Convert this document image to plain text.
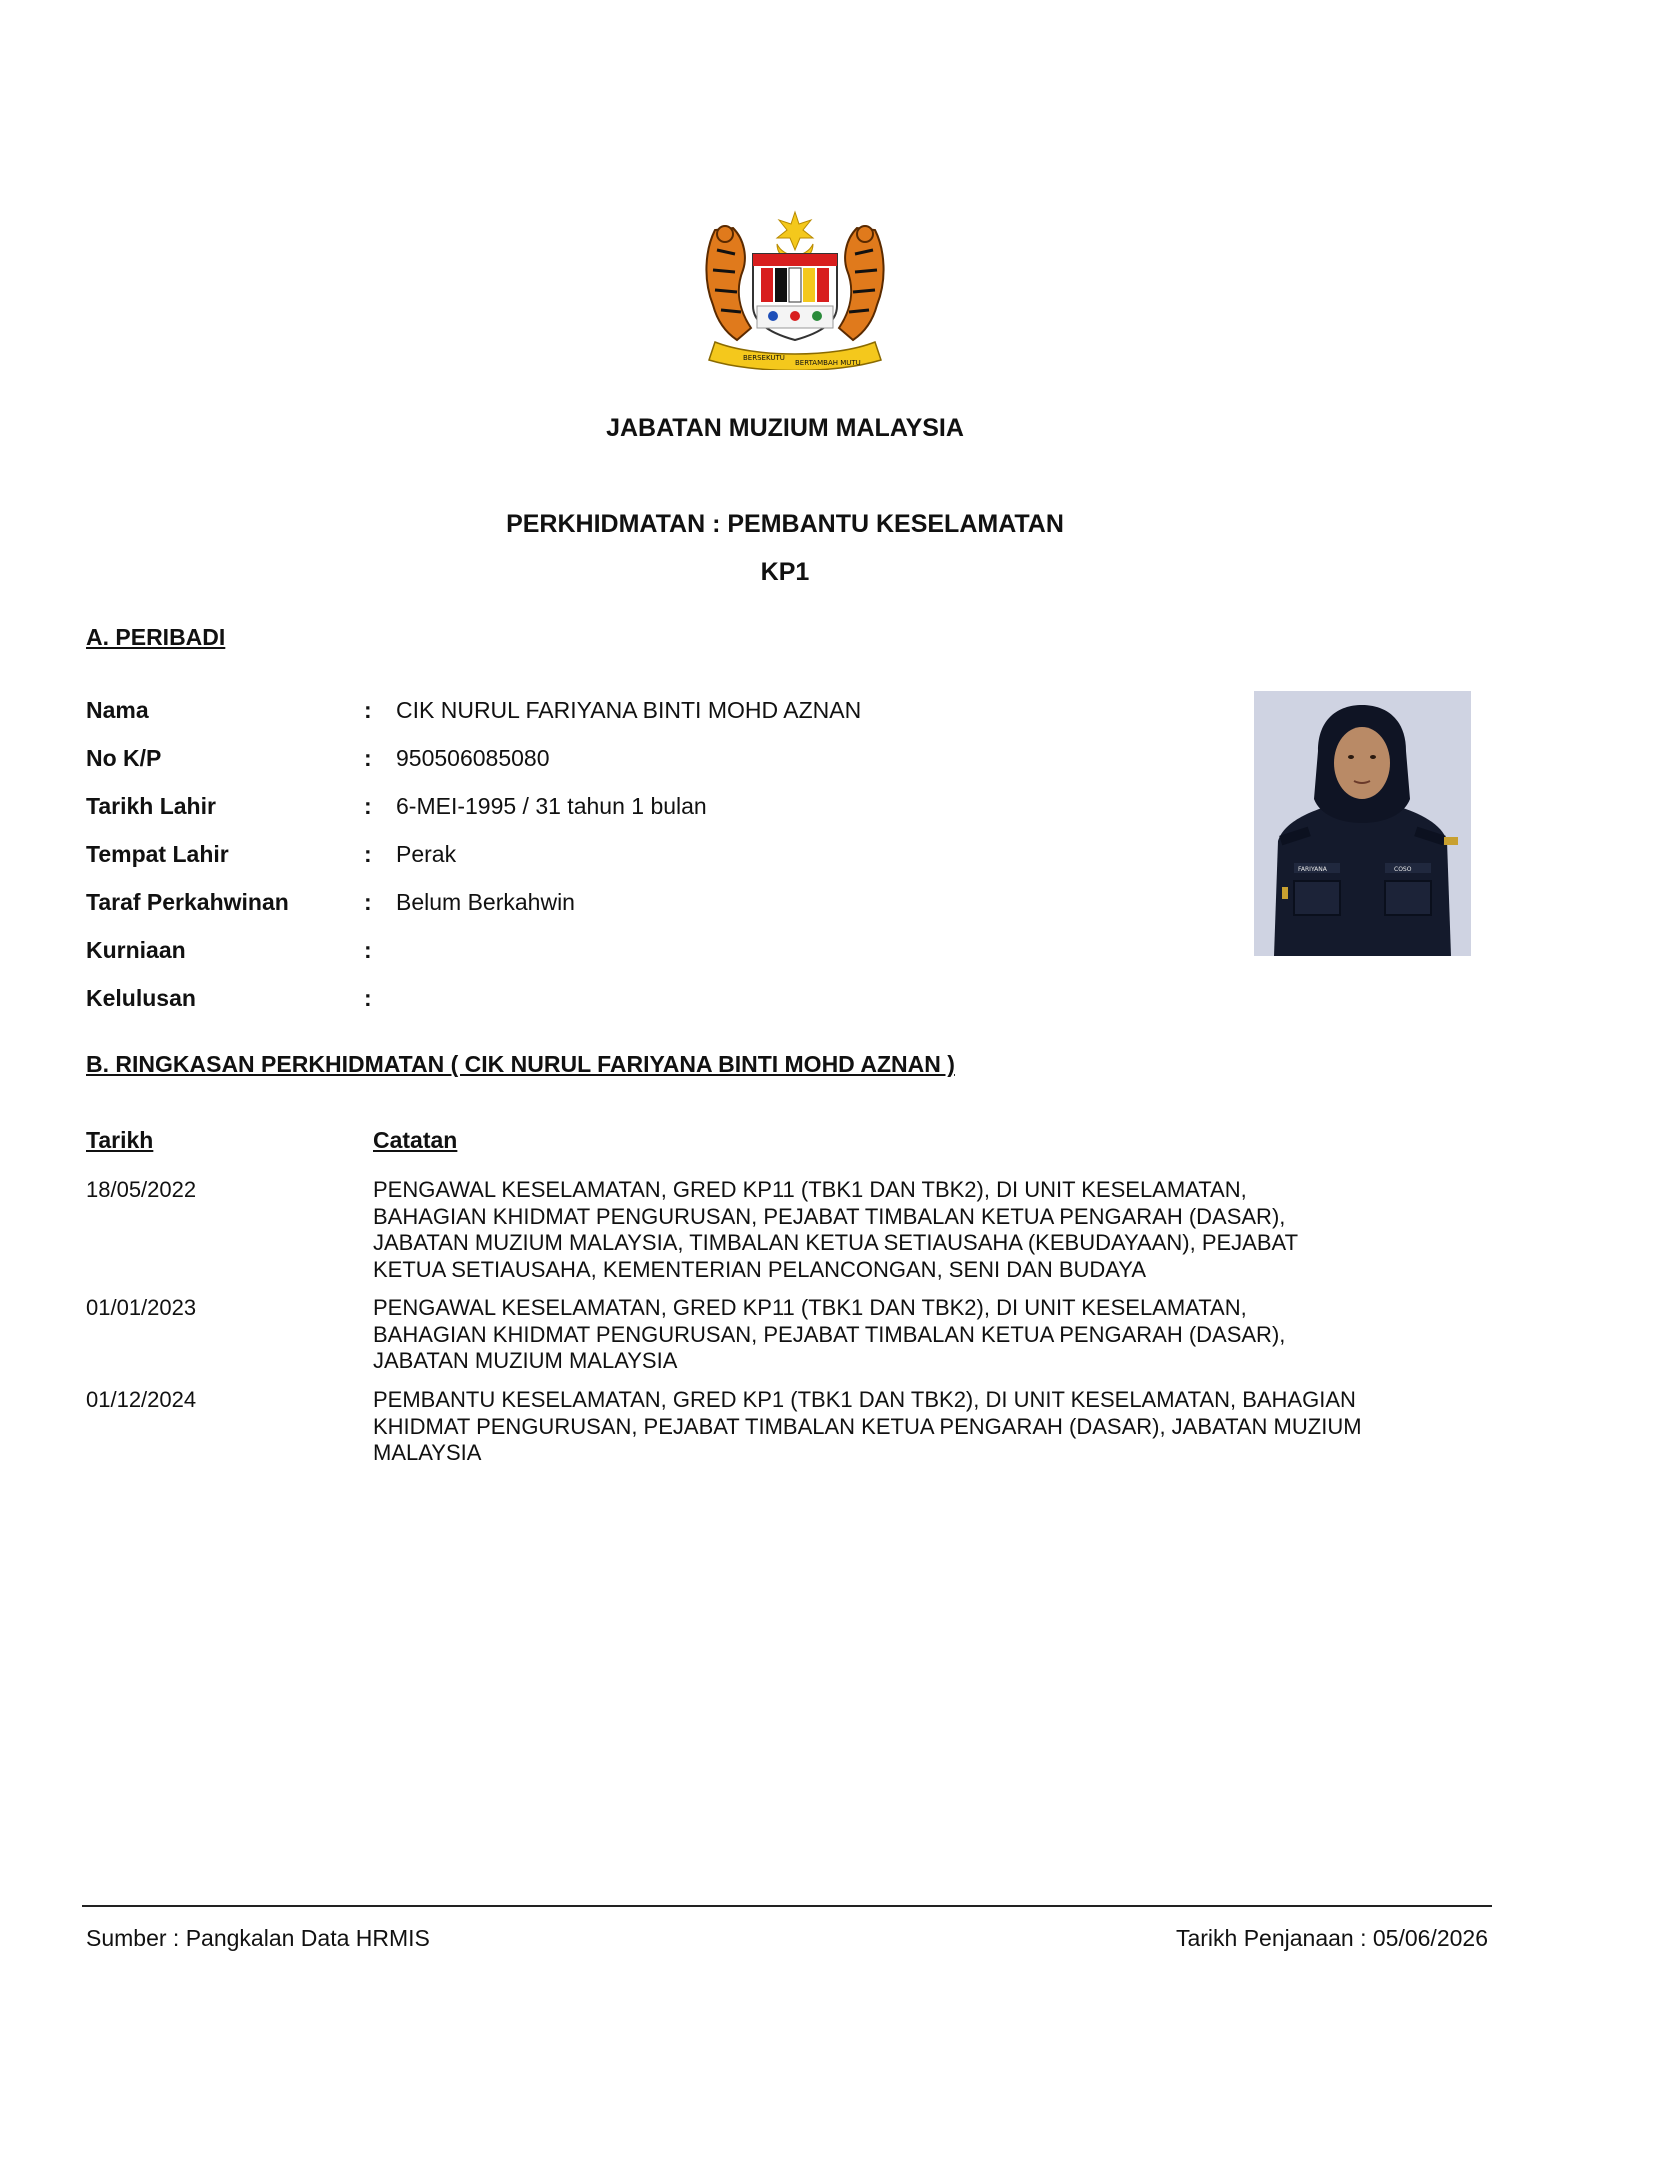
BERSEKUTU
BERTAMBAH MUTU
JABATAN MUZIUM MALAYSIA
PERKHIDMATAN : PEMBANTU KESELAMATAN
KP1
A. PERIBADI
Nama	: CIK NURUL FARIYANA BINTI MOHD AZNAN
No K/P	: 950506085080
Tarikh Lahir	: 6-MEI-1995 / 31 tahun 1 bulan
Tempat Lahir	: Perak
Taraf Perkahwinan	: Belum Berkahwin
Kurniaan	:
Kelulusan	:
FARIYANA	COSO
B. RINGKASAN PERKHIDMATAN ( CIK NURUL FARIYANA BINTI MOHD AZNAN )
Tarikh	Catatan
18/05/2022	PENGAWAL KESELAMATAN, GRED KP11 (TBK1 DAN TBK2), DI UNIT KESELAMATAN,
BAHAGIAN KHIDMAT PENGURUSAN, PEJABAT TIMBALAN KETUA PENGARAH (DASAR),
JABATAN MUZIUM MALAYSIA, TIMBALAN KETUA SETIAUSAHA (KEBUDAYAAN), PEJABAT
KETUA SETIAUSAHA, KEMENTERIAN PELANCONGAN, SENI DAN BUDAYA
01/01/2023	PENGAWAL KESELAMATAN, GRED KP11 (TBK1 DAN TBK2), DI UNIT KESELAMATAN,
BAHAGIAN KHIDMAT PENGURUSAN, PEJABAT TIMBALAN KETUA PENGARAH (DASAR),
JABATAN MUZIUM MALAYSIA
01/12/2024	PEMBANTU KESELAMATAN, GRED KP1 (TBK1 DAN TBK2), DI UNIT KESELAMATAN, BAHAGIAN
KHIDMAT PENGURUSAN, PEJABAT TIMBALAN KETUA PENGARAH (DASAR), JABATAN MUZIUM
MALAYSIA
Sumber : Pangkalan Data HRMIS	Tarikh Penjanaan : 05/06/2026
